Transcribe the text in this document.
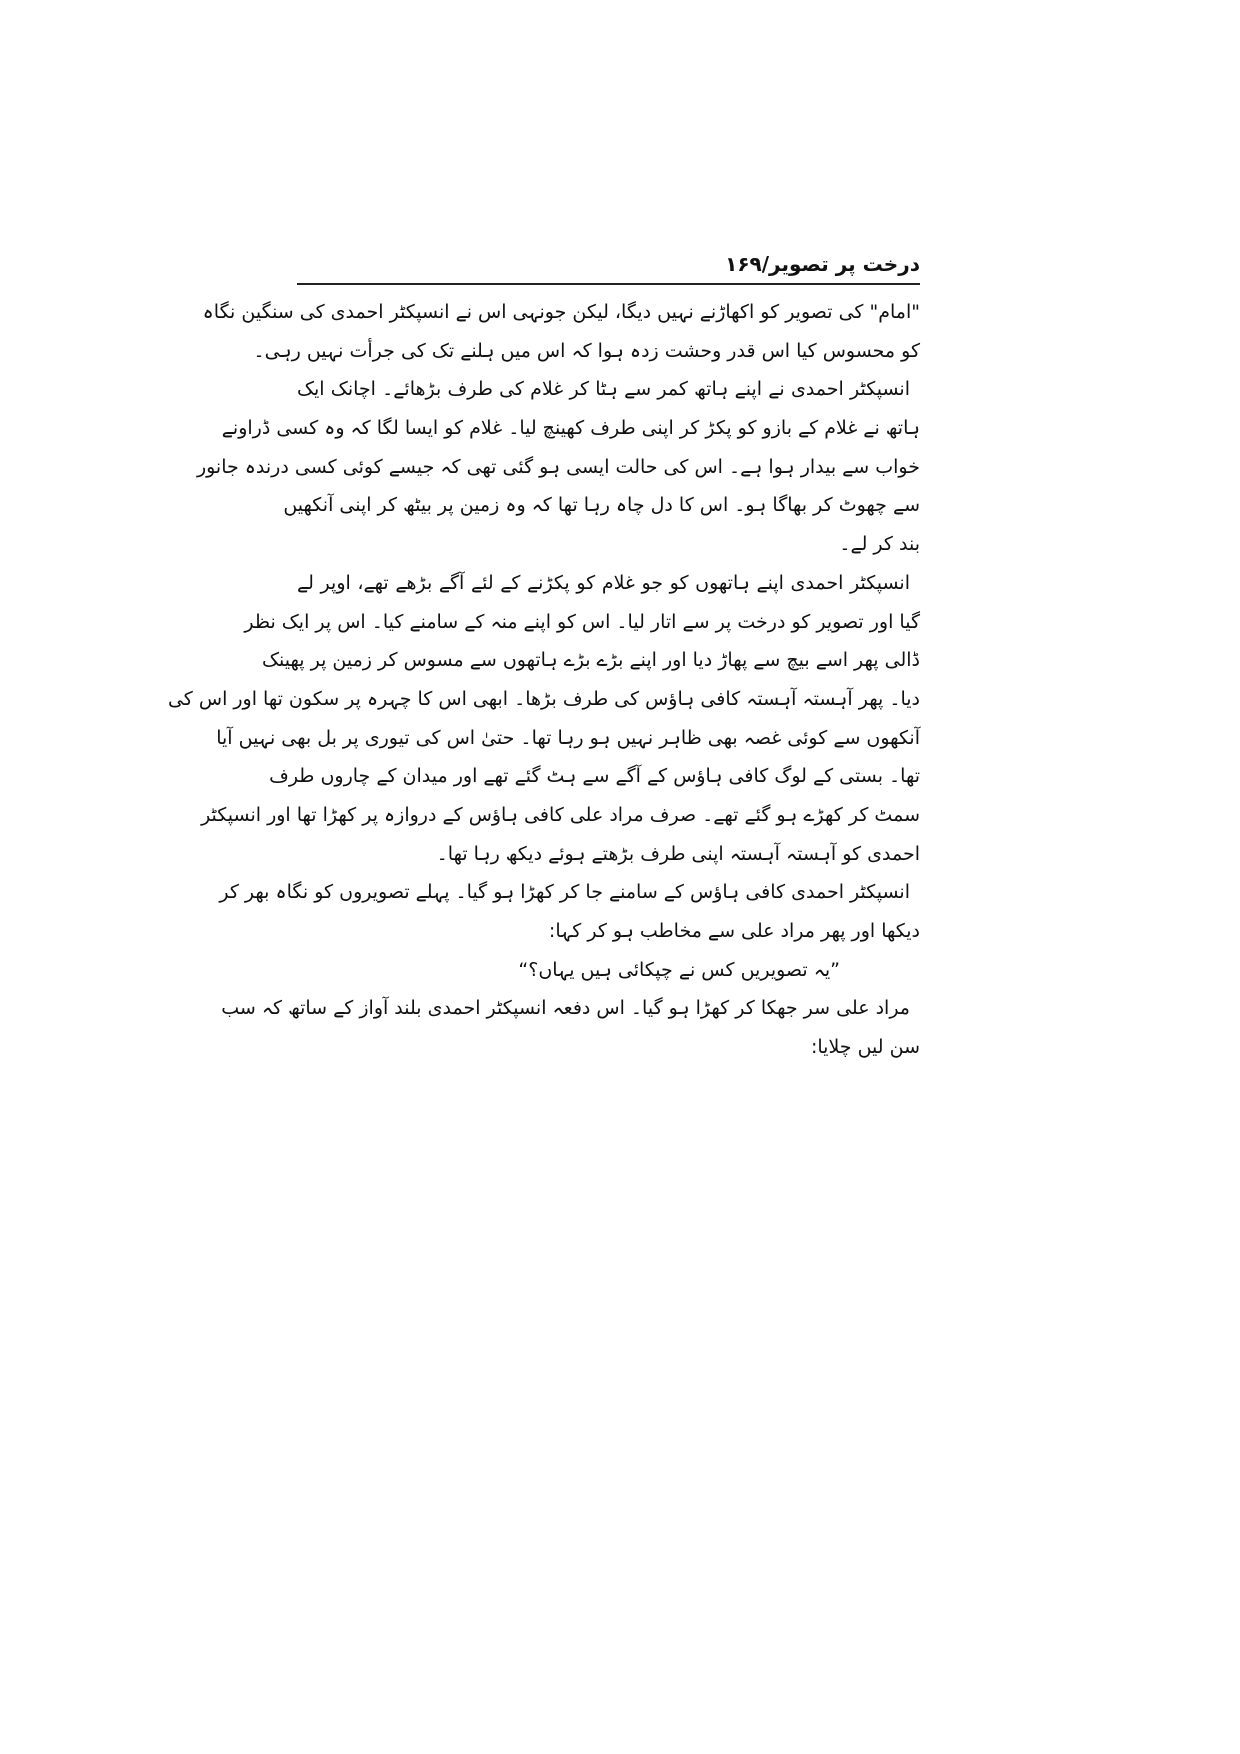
درخت پر تصویر/۱۶۹
"امام" کی تصویر کو اکھاڑنے نہیں دیگا، لیکن جونہی اس نے انسپکٹر احمدی کی سنگین نگاہ
کو محسوس کیا اس قدر وحشت زدہ ہوا کہ اس میں ہلنے تک کی جرأت نہیں رہی۔
انسپکٹر احمدی نے اپنے ہاتھ کمر سے ہٹا کر غلام کی طرف بڑھائے۔ اچانک ایک
ہاتھ نے غلام کے بازو کو پکڑ کر اپنی طرف کھینچ لیا۔ غلام کو ایسا لگا کہ وہ کسی ڈراونے
خواب سے بیدار ہوا ہے۔ اس کی حالت ایسی ہو گئی تھی کہ جیسے کوئی کسی درندہ جانور
سے چھوٹ کر بھاگا ہو۔ اس کا دل چاہ رہا تھا کہ وہ زمین پر بیٹھ کر اپنی آنکھیں
بند کر لے۔
انسپکٹر احمدی اپنے ہاتھوں کو جو غلام کو پکڑنے کے لئے آگے بڑھے تھے، اوپر لے
گیا اور تصویر کو درخت پر سے اتار لیا۔ اس کو اپنے منہ کے سامنے کیا۔ اس پر ایک نظر
ڈالی پھر اسے بیچ سے پھاڑ دیا اور اپنے بڑے بڑے ہاتھوں سے مسوس کر زمین پر پھینک
دیا۔ پھر آہستہ آہستہ کافی ہاؤس کی طرف بڑھا۔ ابھی اس کا چہرہ پر سکون تھا اور اس کی
آنکھوں سے کوئی غصہ بھی ظاہر نہیں ہو رہا تھا۔ حتیٰ اس کی تیوری پر بل بھی نہیں آیا
تھا۔ بستی کے لوگ کافی ہاؤس کے آگے سے ہٹ گئے تھے اور میدان کے چاروں طرف
سمٹ کر کھڑے ہو گئے تھے۔ صرف مراد علی کافی ہاؤس کے دروازہ پر کھڑا تھا اور انسپکٹر
احمدی کو آہستہ آہستہ اپنی طرف بڑھتے ہوئے دیکھ رہا تھا۔
انسپکٹر احمدی کافی ہاؤس کے سامنے جا کر کھڑا ہو گیا۔ پہلے تصویروں کو نگاہ بھر کر
دیکھا اور پھر مراد علی سے مخاطب ہو کر کہا:
”یہ تصویریں کس نے چپکائی ہیں یہاں؟“
مراد علی سر جھکا کر کھڑا ہو گیا۔ اس دفعہ انسپکٹر احمدی بلند آواز کے ساتھ کہ سب
سن لیں چلایا:
